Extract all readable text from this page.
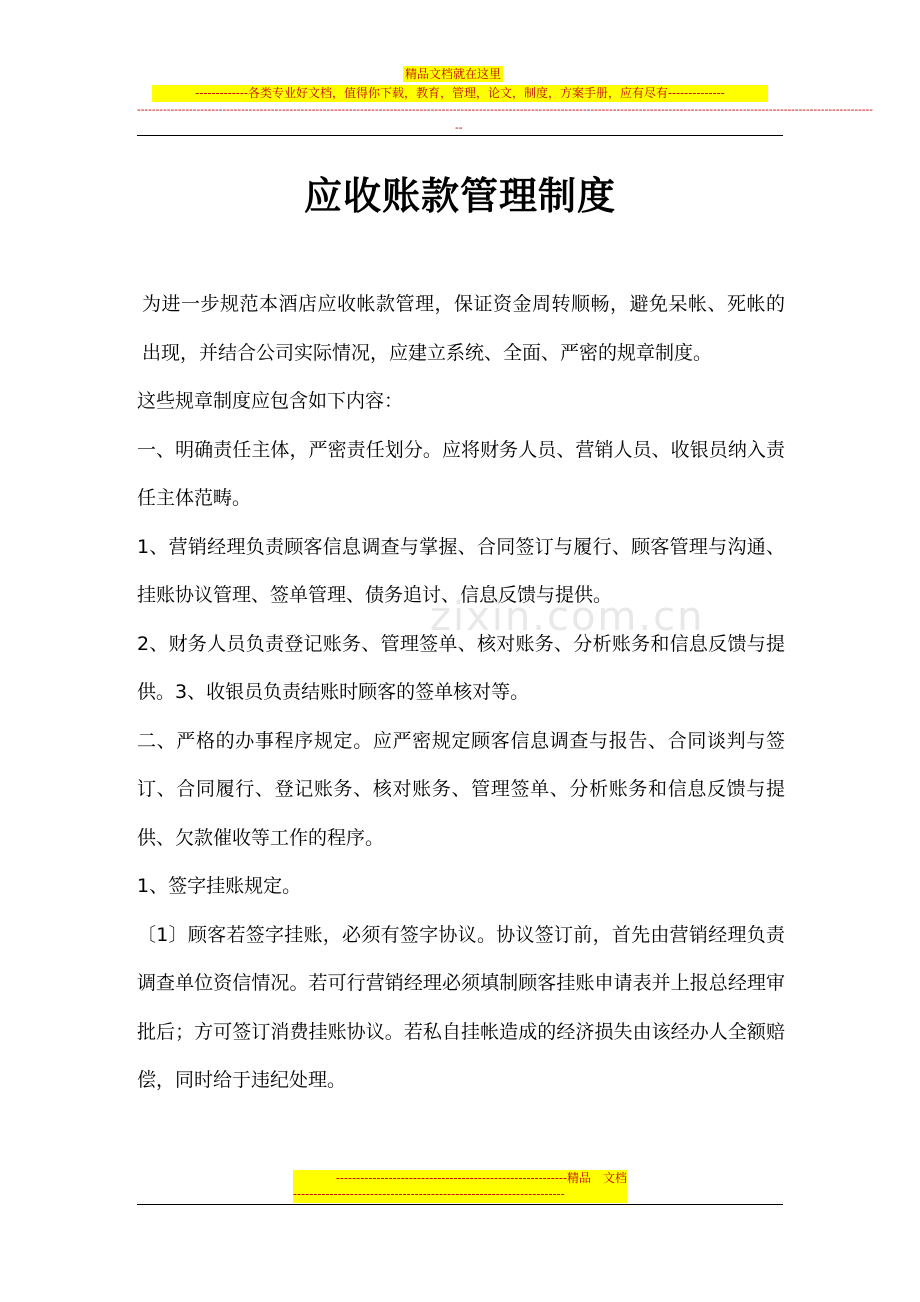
精品文档就在这里
-------------各类专业好文档，值得你下载，教育，管理，论文，制度，方案手册，应有尽有--------------
------------------------------------------------------------------------------------------------------------------------------------------------------------------------------------------------------
--
应收账款管理制度
zixin.com.cn

为进一步规范本酒店应收帐款管理，保证资金周转顺畅，避免呆帐、死帐的出现，并结合公司实际情况，应建立系统、全面、严密的规章制度。

这些规章制度应包含如下内容：

一、明确责任主体，严密责任划分。应将财务人员、营销人员、收银员纳入责任主体范畴。

1、营销经理负责顾客信息调查与掌握、合同签订与履行、顾客管理与沟通、挂账协议管理、签单管理、债务追讨、信息反馈与提供。

2、财务人员负责登记账务、管理签单、核对账务、分析账务和信息反馈与提供。3、收银员负责结账时顾客的签单核对等。

二、严格的办事程序规定。应严密规定顾客信息调查与报告、合同谈判与签订、合同履行、登记账务、核对账务、管理签单、分析账务和信息反馈与提供、欠款催收等工作的程序。

1、签字挂账规定。

〔1〕顾客若签字挂账，必须有签字协议。协议签订前，首先由营销经理负责调查单位资信情况。若可行营销经理必须填制顾客挂账申请表并上报总经理审批后；方可签订消费挂账协议。若私自挂帐造成的经济损失由该经办人全额赔偿，同时给于违纪处理。

---------------------------------------------------------精品　文档
-------------------------------------------------------------------
